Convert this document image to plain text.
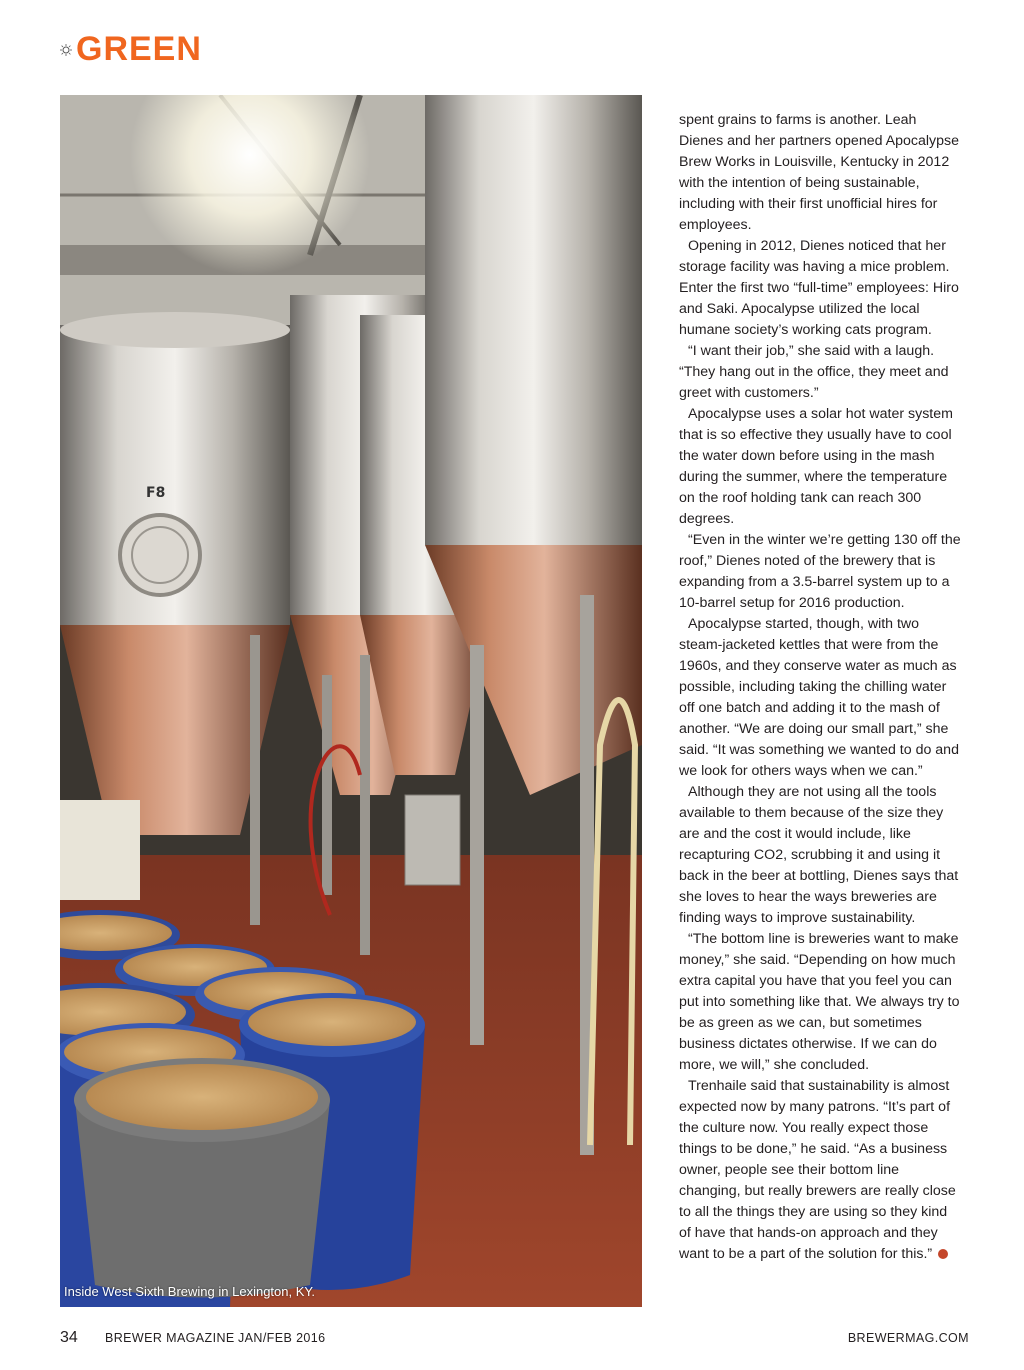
GREEN
F8
Inside West Sixth Brewing in Lexington, KY.

spent grains to farms is another. Leah Dienes and her partners opened Apocalypse Brew Works in Louisville, Kentucky in 2012 with the intention of being sustainable, including with their first unofficial hires for employees.

Opening in 2012, Dienes noticed that her storage facility was having a mice problem. Enter the first two “full-time” employees: Hiro and Saki. Apocalypse utilized the local humane society’s working cats program.

“I want their job,” she said with a laugh. “They hang out in the office, they meet and greet with customers.”

Apocalypse uses a solar hot water system that is so effective they usually have to cool the water down before using in the mash during the summer, where the temperature on the roof holding tank can reach 300 degrees.

“Even in the winter we’re getting 130 off the roof,” Dienes noted of the brewery that is expanding from a 3.5-barrel system up to a 10-barrel setup for 2016 production.

Apocalypse started, though, with two steam-jacketed kettles that were from the 1960s, and they conserve water as much as possible, including taking the chilling water off one batch and adding it to the mash of another. “We are doing our small part,” she said. “It was something we wanted to do and we look for others ways when we can.”

Although they are not using all the tools available to them because of the size they are and the cost it would include, like recapturing CO2, scrubbing it and using it back in the beer at bottling, Dienes says that she loves to hear the ways breweries are finding ways to improve sustainability.

“The bottom line is breweries want to make money,” she said. “Depending on how much extra capital you have that you feel you can put into something like that. We always try to be as green as we can, but sometimes business dictates otherwise. If we can do more, we will,” she concluded.

Trenhaile said that sustainability is almost expected now by many patrons. “It’s part of the culture now. You really expect those things to be done,” he said. “As a business owner, people see their bottom line changing, but really brewers are really close to all the things they are using so they kind of have that hands-on approach and they want to be a part of the solution for this.”

34 BREWER MAGAZINE JAN/FEB 2016	BREWERMAG.COM
